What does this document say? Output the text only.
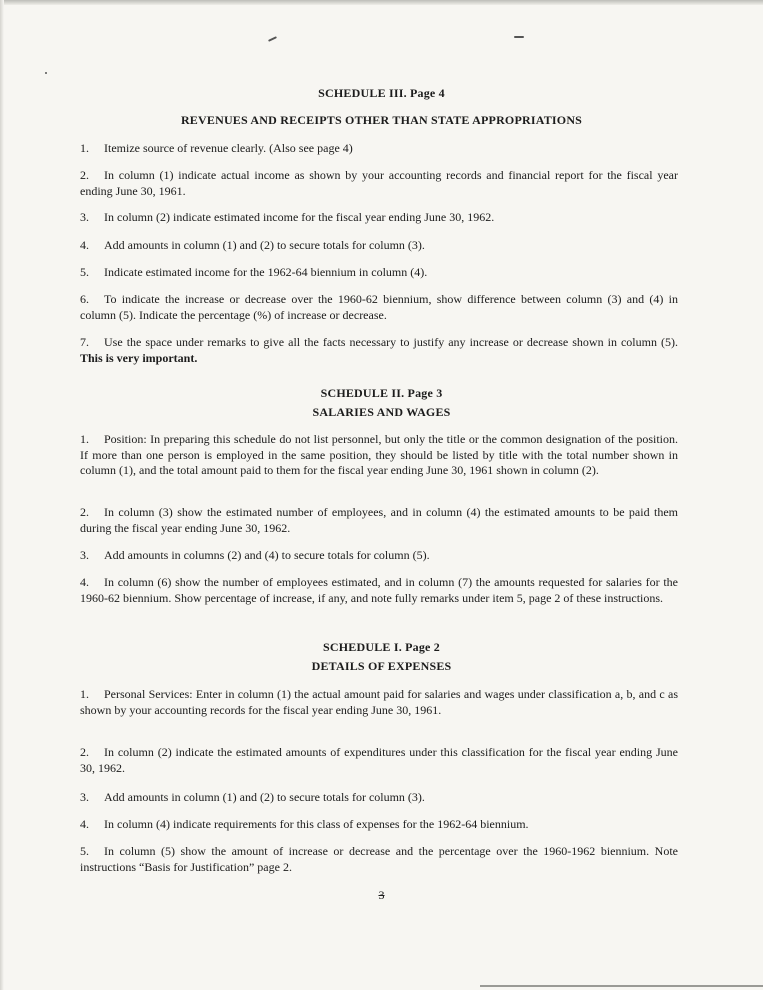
SCHEDULE III. Page 4
REVENUES AND RECEIPTS OTHER THAN STATE APPROPRIATIONS
1. Itemize source of revenue clearly. (Also see page 4)
2. In column (1) indicate actual income as shown by your accounting records and financial report for the fiscal year ending June 30, 1961.
3. In column (2) indicate estimated income for the fiscal year ending June 30, 1962.
4. Add amounts in column (1) and (2) to secure totals for column (3).
5. Indicate estimated income for the 1962-64 biennium in column (4).
6. To indicate the increase or decrease over the 1960-62 biennium, show difference between column (3) and (4) in column (5). Indicate the percentage (%) of increase or decrease.
7. Use the space under remarks to give all the facts necessary to justify any increase or decrease shown in column (5). This is very important.
SCHEDULE II. Page 3
SALARIES AND WAGES
1. Position: In preparing this schedule do not list personnel, but only the title or the common designation of the position. If more than one person is employed in the same position, they should be listed by title with the total number shown in column (1), and the total amount paid to them for the fiscal year ending June 30, 1961 shown in column (2).
2. In column (3) show the estimated number of employees, and in column (4) the estimated amounts to be paid them during the fiscal year ending June 30, 1962.
3. Add amounts in columns (2) and (4) to secure totals for column (5).
4. In column (6) show the number of employees estimated, and in column (7) the amounts requested for salaries for the 1960-62 biennium. Show percentage of increase, if any, and note fully remarks under item 5, page 2 of these instructions.
SCHEDULE I. Page 2
DETAILS OF EXPENSES
1. Personal Services: Enter in column (1) the actual amount paid for salaries and wages under classification a, b, and c as shown by your accounting records for the fiscal year ending June 30, 1961.
2. In column (2) indicate the estimated amounts of expenditures under this classification for the fiscal year ending June 30, 1962.
3. Add amounts in column (1) and (2) to secure totals for column (3).
4. In column (4) indicate requirements for this class of expenses for the 1962-64 biennium.
5. In column (5) show the amount of increase or decrease and the percentage over the 1960-1962 biennium. Note instructions “Basis for Justification” page 2.
3
